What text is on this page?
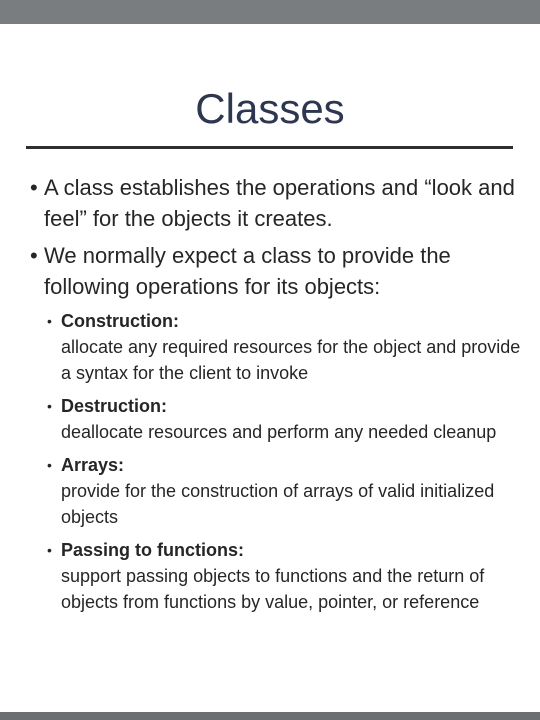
Classes
• A class establishes the operations and “look and feel” for the objects it creates.
• We normally expect a class to provide the following operations for its objects:
• Construction:
allocate any required resources for the object and provide a syntax for the client to invoke
• Destruction:
deallocate resources and perform any needed cleanup
• Arrays:
provide for the construction of arrays of valid initialized objects
• Passing to functions:
support passing objects to functions and the return of objects from functions by value, pointer, or reference
